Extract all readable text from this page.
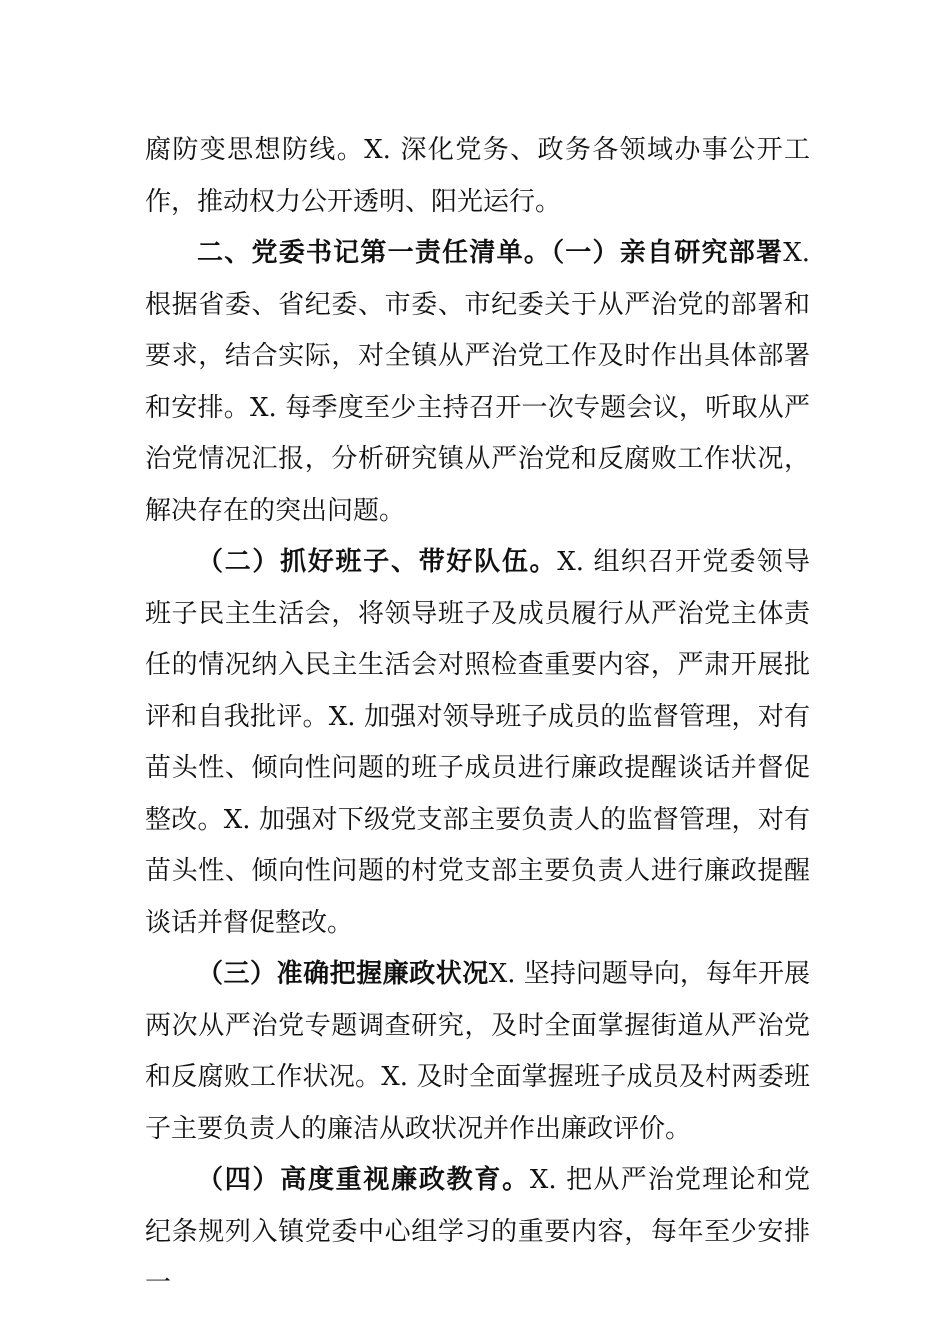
腐防变思想防线。X. 深化党务、政务各领域办事公开工作，推动权力公开透明、阳光运行。

二、党委书记第一责任清单。（一）亲自研究部署X. 根据省委、省纪委、市委、市纪委关于从严治党的部署和要求，结合实际，对全镇从严治党工作及时作出具体部署和安排。X. 每季度至少主持召开一次专题会议，听取从严治党情况汇报，分析研究镇从严治党和反腐败工作状况，解决存在的突出问题。

（二）抓好班子、带好队伍。X. 组织召开党委领导班子民主生活会，将领导班子及成员履行从严治党主体责任的情况纳入民主生活会对照检查重要内容，严肃开展批评和自我批评。X. 加强对领导班子成员的监督管理，对有苗头性、倾向性问题的班子成员进行廉政提醒谈话并督促整改。X. 加强对下级党支部主要负责人的监督管理，对有苗头性、倾向性问题的村党支部主要负责人进行廉政提醒谈话并督促整改。

（三）准确把握廉政状况X. 坚持问题导向，每年开展两次从严治党专题调查研究，及时全面掌握街道从严治党和反腐败工作状况。X. 及时全面掌握班子成员及村两委班子主要负责人的廉洁从政状况并作出廉政评价。

（四）高度重视廉政教育。X. 把从严治党理论和党纪条规列入镇党委中心组学习的重要内容，每年至少安排一
